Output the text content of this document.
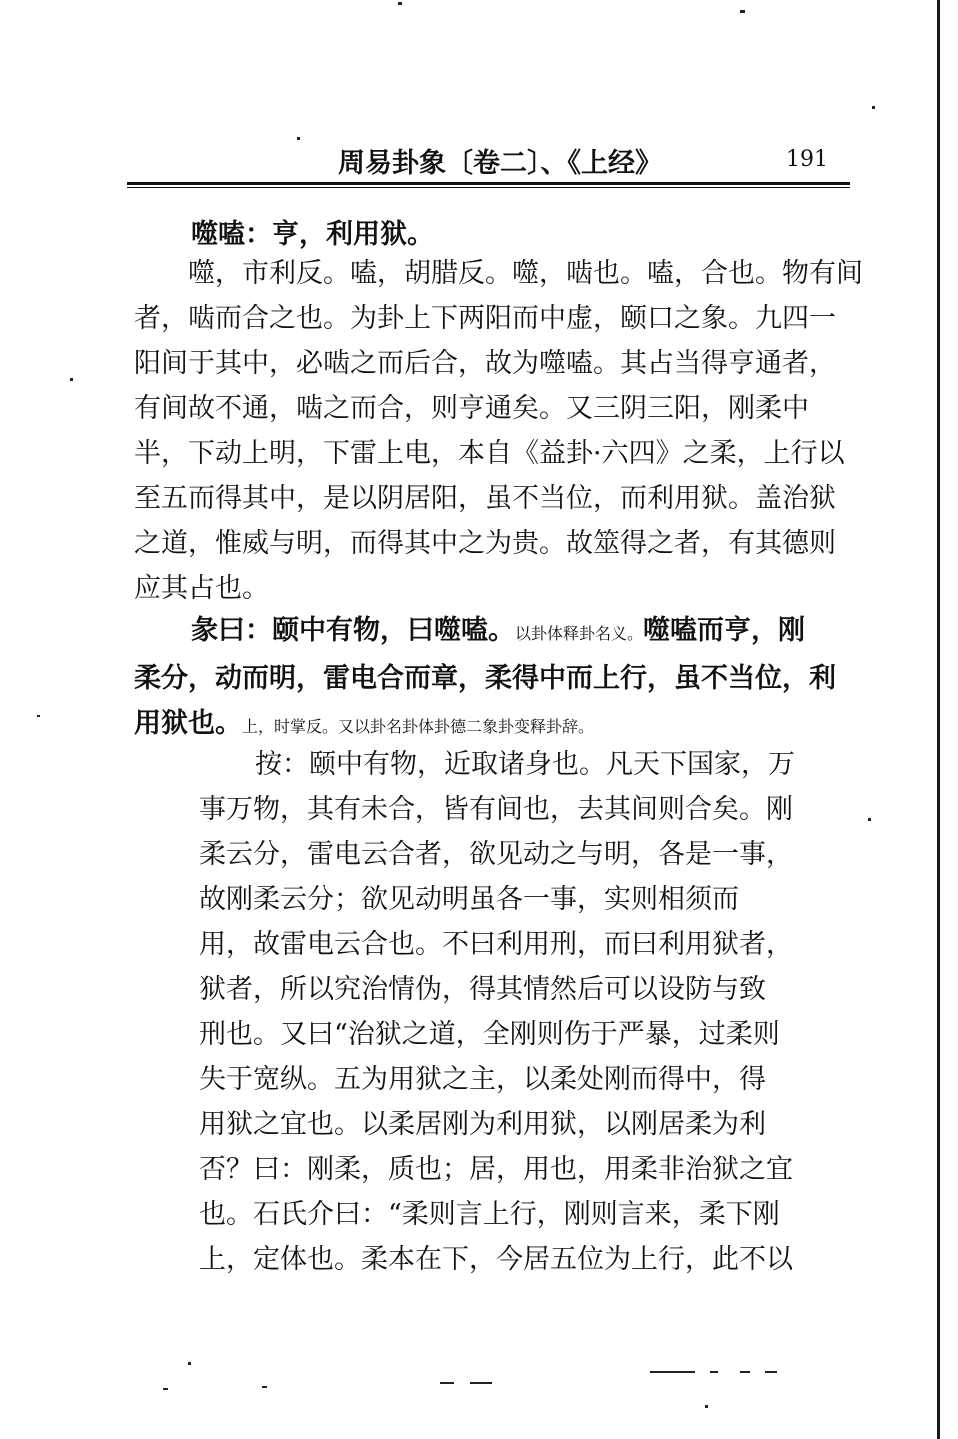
周易卦象〔卷二〕、《上经》	191
噬嗑：亨，利用狱。

噬，市利反。嗑，胡腊反。噬，啮也。嗑，合也。物有间

者，啮而合之也。为卦上下两阳而中虚，颐口之象。九四一

阳间于其中，必啮之而后合，故为噬嗑。其占当得亨通者，

有间故不通，啮之而合，则亨通矣。又三阴三阳，刚柔中

半，下动上明，下雷上电，本自《益卦·六四》之柔，上行以

至五而得其中，是以阴居阳，虽不当位，而利用狱。盖治狱

之道，惟威与明，而得其中之为贵。故筮得之者，有其德则

应其占也。

彖曰：颐中有物，曰噬嗑。以卦体释卦名义。噬嗑而亨，刚

柔分，动而明，雷电合而章，柔得中而上行，虽不当位，利

用狱也。上，时掌反。又以卦名卦体卦德二象卦变释卦辞。

按：颐中有物，近取诸身也。凡天下国家，万

事万物，其有未合，皆有间也，去其间则合矣。刚

柔云分，雷电云合者，欲见动之与明，各是一事，

故刚柔云分；欲见动明虽各一事，实则相须而

用，故雷电云合也。不曰利用刑，而曰利用狱者，

狱者，所以究治情伪，得其情然后可以设防与致

刑也。又曰“治狱之道，全刚则伤于严暴，过柔则

失于宽纵。五为用狱之主，以柔处刚而得中，得

用狱之宜也。以柔居刚为利用狱，以刚居柔为利

否？曰：刚柔，质也；居，用也，用柔非治狱之宜

也。石氏介曰：“柔则言上行，刚则言来，柔下刚

上，定体也。柔本在下，今居五位为上行，此不以
